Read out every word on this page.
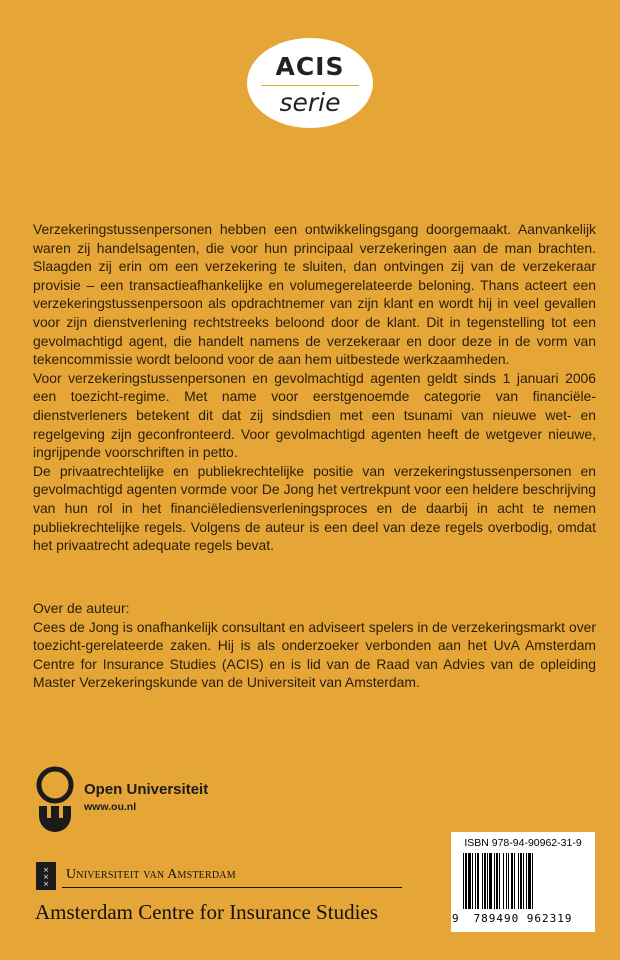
ACIS
serie

Verzekeringstussenpersonen hebben een ontwikkelingsgang doorgemaakt. Aanvankelijk waren zij handelsagenten, die voor hun principaal verzekeringen aan de man brachten. Slaagden zij erin om een verzekering te sluiten, dan ontvingen zij van de verzekeraar provisie – een transactieafhankelijke en volumegerelateerde beloning. Thans acteert een verzekeringstussenpersoon als opdrachtnemer van zijn klant en wordt hij in veel gevallen voor zijn dienstverlening rechtstreeks beloond door de klant. Dit in tegenstelling tot een gevolmachtigd agent, die handelt namens de verzekeraar en door deze in de vorm van tekencommissie wordt beloond voor de aan hem uitbestede werkzaamheden.

Voor verzekeringstussenpersonen en gevolmachtigd agenten geldt sinds 1 januari 2006 een toezicht-regime. Met name voor eerstgenoemde categorie van financiëledienstverleners betekent dit dat zij sindsdien met een tsunami van nieuwe wet- en regelgeving zijn geconfronteerd. Voor gevolmachtigd agenten heeft de wetgever nieuwe, ingrijpende voorschriften in petto.

De privaatrechtelijke en publiekrechtelijke positie van verzekeringstussenpersonen en gevolmachtigd agenten vormde voor De Jong het vertrekpunt voor een heldere beschrijving van hun rol in het financiëlediensverleningsproces en de daarbij in acht te nemen publiekrechtelijke regels. Volgens de auteur is een deel van deze regels overbodig, omdat het privaatrecht adequate regels bevat.

Over de auteur:

Cees de Jong is onafhankelijk consultant en adviseert spelers in de verzekeringsmarkt over toezicht-gerelateerde zaken. Hij is als onderzoeker verbonden aan het UvA Amsterdam Centre for Insurance Studies (ACIS) en is lid van de Raad van Advies van de opleiding Master Verzekeringskunde van de Universiteit van Amsterdam.

Open Universiteit
www.ou.nl
×
×
×
Universiteit van Amsterdam
Amsterdam Centre for Insurance Studies
ISBN 978-94-90962-31-9
9 789490 962319
